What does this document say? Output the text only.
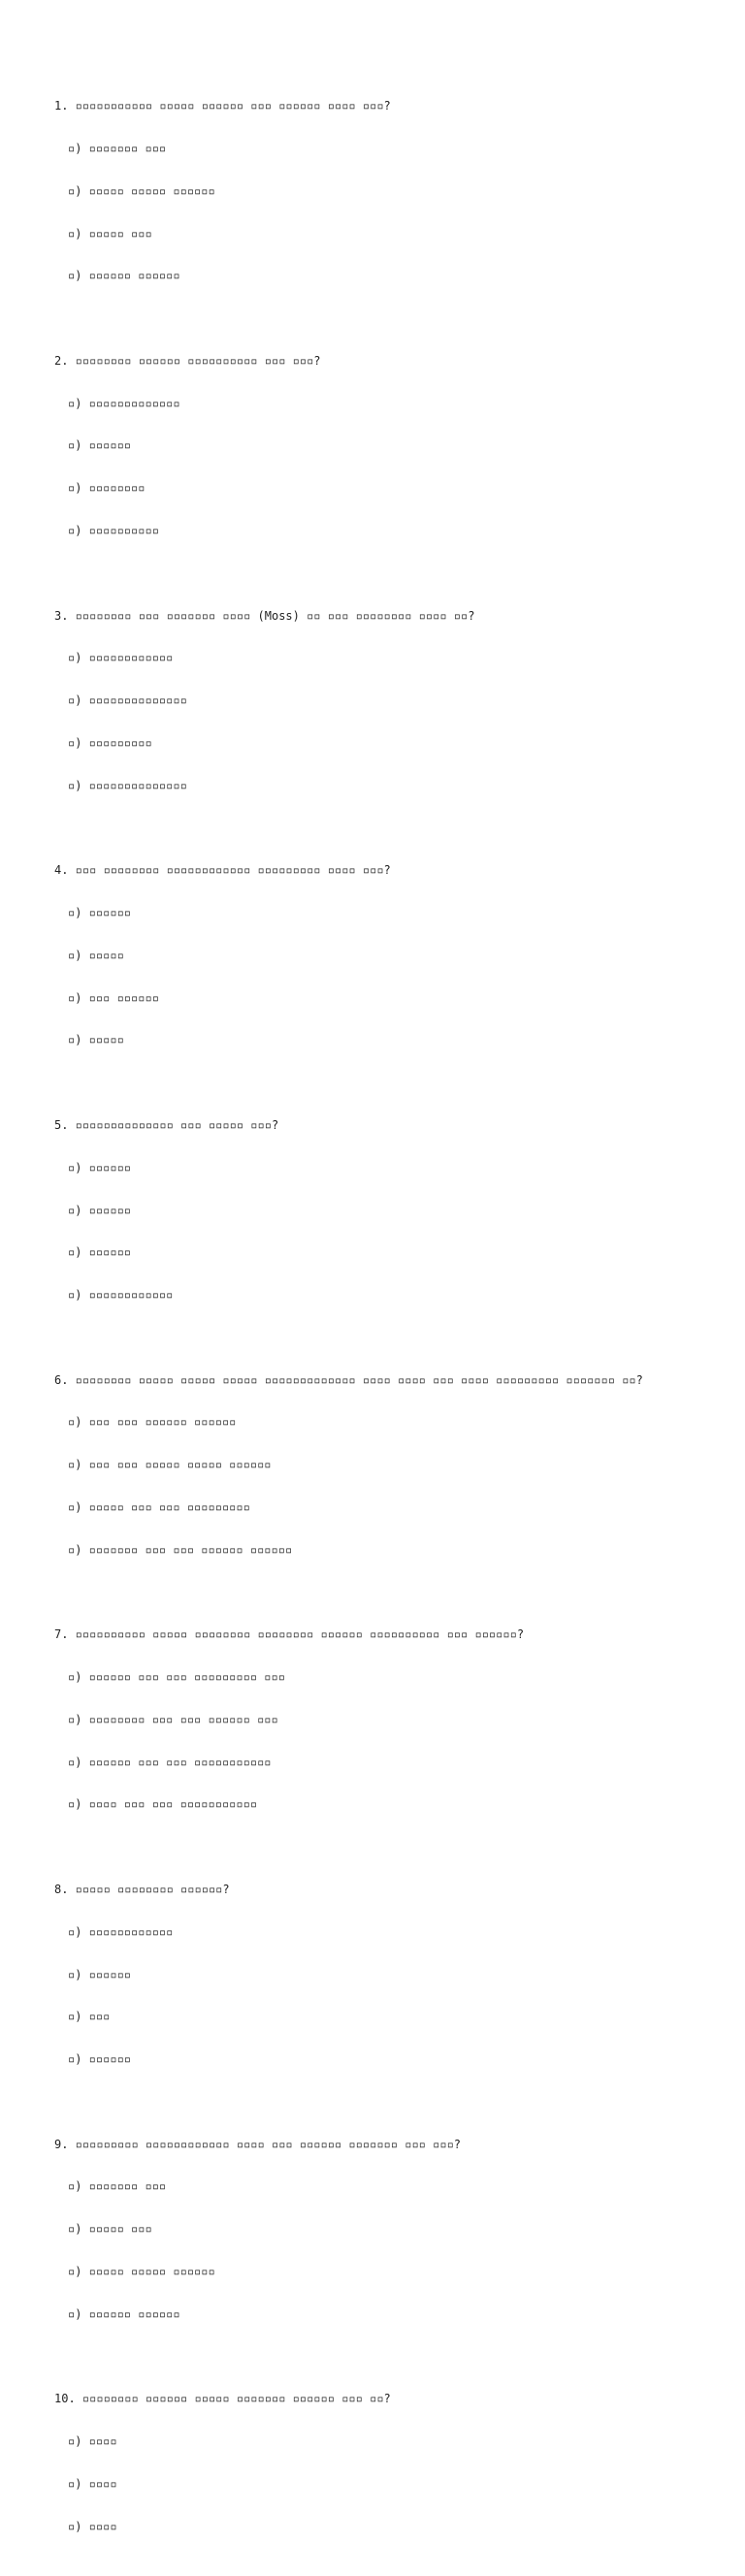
1. ▫▫▫▫▫▫▫▫▫▫▫ ▫▫▫▫▫ ▫▫▫▫▫▫ ▫▫▫ ▫▫▫▫▫▫ ▫▫▫▫ ▫▫▫?

▫) ▫▫▫▫▫▫▫ ▫▫▫

▫) ▫▫▫▫▫ ▫▫▫▫▫ ▫▫▫▫▫▫

▫) ▫▫▫▫▫ ▫▫▫

▫) ▫▫▫▫▫▫ ▫▫▫▫▫▫

2. ▫▫▫▫▫▫▫▫ ▫▫▫▫▫▫ ▫▫▫▫▫▫▫▫▫▫ ▫▫▫ ▫▫▫?

▫) ▫▫▫▫▫▫▫▫▫▫▫▫▫

▫) ▫▫▫▫▫▫

▫) ▫▫▫▫▫▫▫▫

▫) ▫▫▫▫▫▫▫▫▫▫

3. ▫▫▫▫▫▫▫▫ ▫▫▫ ▫▫▫▫▫▫▫ ▫▫▫▫ (Moss) ▫▫ ▫▫▫ ▫▫▫▫▫▫▫▫ ▫▫▫▫ ▫▫?

▫) ▫▫▫▫▫▫▫▫▫▫▫▫

▫) ▫▫▫▫▫▫▫▫▫▫▫▫▫▫

▫) ▫▫▫▫▫▫▫▫▫

▫) ▫▫▫▫▫▫▫▫▫▫▫▫▫▫

4. ▫▫▫ ▫▫▫▫▫▫▫▫ ▫▫▫▫▫▫▫▫▫▫▫▫ ▫▫▫▫▫▫▫▫▫ ▫▫▫▫ ▫▫▫?

▫) ▫▫▫▫▫▫

▫) ▫▫▫▫▫

▫) ▫▫▫ ▫▫▫▫▫▫

▫) ▫▫▫▫▫

5. ▫▫▫▫▫▫▫▫▫▫▫▫▫▫ ▫▫▫ ▫▫▫▫▫ ▫▫▫?

▫) ▫▫▫▫▫▫

▫) ▫▫▫▫▫▫

▫) ▫▫▫▫▫▫

▫) ▫▫▫▫▫▫▫▫▫▫▫▫

6. ▫▫▫▫▫▫▫▫ ▫▫▫▫▫ ▫▫▫▫▫ ▫▫▫▫▫ ▫▫▫▫▫▫▫▫▫▫▫▫▫ ▫▫▫▫ ▫▫▫▫ ▫▫▫ ▫▫▫▫ ▫▫▫▫▫▫▫▫▫ ▫▫▫▫▫▫▫ ▫▫?

▫) ▫▫▫ ▫▫▫ ▫▫▫▫▫▫ ▫▫▫▫▫▫

▫) ▫▫▫ ▫▫▫ ▫▫▫▫▫ ▫▫▫▫▫ ▫▫▫▫▫▫

▫) ▫▫▫▫▫ ▫▫▫ ▫▫▫ ▫▫▫▫▫▫▫▫▫

▫) ▫▫▫▫▫▫▫ ▫▫▫ ▫▫▫ ▫▫▫▫▫▫ ▫▫▫▫▫▫

7. ▫▫▫▫▫▫▫▫▫▫ ▫▫▫▫▫ ▫▫▫▫▫▫▫▫ ▫▫▫▫▫▫▫▫ ▫▫▫▫▫▫ ▫▫▫▫▫▫▫▫▫▫ ▫▫▫ ▫▫▫▫▫▫?

▫) ▫▫▫▫▫▫ ▫▫▫ ▫▫▫ ▫▫▫▫▫▫▫▫▫ ▫▫▫

▫) ▫▫▫▫▫▫▫▫ ▫▫▫ ▫▫▫ ▫▫▫▫▫▫ ▫▫▫

▫) ▫▫▫▫▫▫ ▫▫▫ ▫▫▫ ▫▫▫▫▫▫▫▫▫▫▫

▫) ▫▫▫▫ ▫▫▫ ▫▫▫ ▫▫▫▫▫▫▫▫▫▫▫

8. ▫▫▫▫▫ ▫▫▫▫▫▫▫▫ ▫▫▫▫▫▫?

▫) ▫▫▫▫▫▫▫▫▫▫▫▫

▫) ▫▫▫▫▫▫

▫) ▫▫▫

▫) ▫▫▫▫▫▫

9. ▫▫▫▫▫▫▫▫▫ ▫▫▫▫▫▫▫▫▫▫▫▫ ▫▫▫▫ ▫▫▫ ▫▫▫▫▫▫ ▫▫▫▫▫▫▫ ▫▫▫ ▫▫▫?

▫) ▫▫▫▫▫▫▫ ▫▫▫

▫) ▫▫▫▫▫ ▫▫▫

▫) ▫▫▫▫▫ ▫▫▫▫▫ ▫▫▫▫▫▫

▫) ▫▫▫▫▫▫ ▫▫▫▫▫▫

10. ▫▫▫▫▫▫▫▫ ▫▫▫▫▫▫ ▫▫▫▫▫ ▫▫▫▫▫▫▫ ▫▫▫▫▫▫ ▫▫▫ ▫▫?

▫) ▫▫▫▫

▫) ▫▫▫▫

▫) ▫▫▫▫
